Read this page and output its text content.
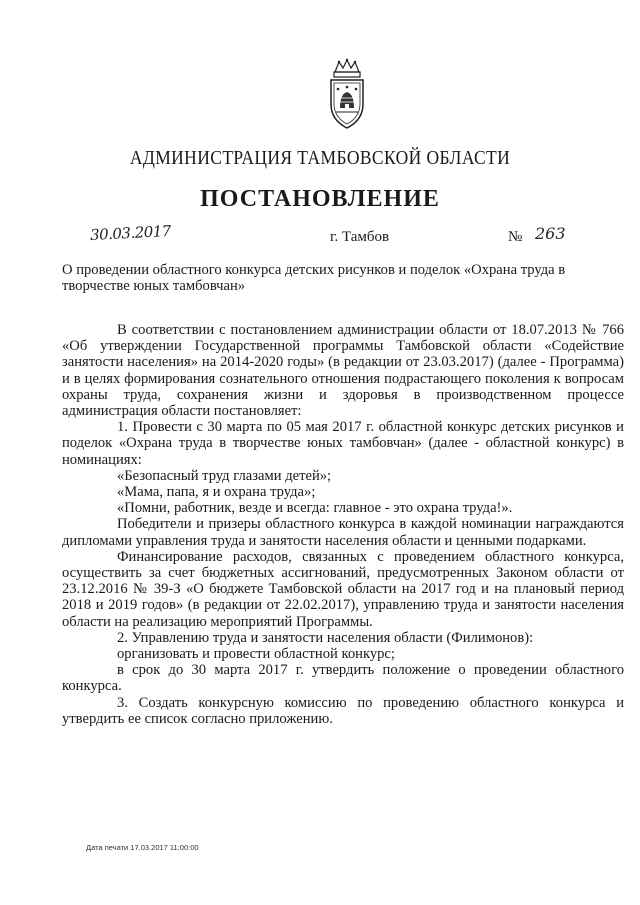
АДМИНИСТРАЦИЯ ТАМБОВСКОЙ ОБЛАСТИ
ПОСТАНОВЛЕНИЕ
30.03.2017	г. Тамбов	№ 263
О проведении областного конкурса детских рисунков и поделок «Охрана труда в творчестве юных тамбовчан»

В соответствии с постановлением администрации области от 18.07.2013 № 766 «Об утверждении Государственной программы Тамбовской области «Содействие занятости населения» на 2014-2020 годы» (в редакции от 23.03.2017) (далее - Программа) и в целях формирования сознательного отношения подрастающего поколения к вопросам охраны труда, сохранения жизни и здоровья в производственном процессе администрация области постановляет:

1. Провести с 30 марта по 05 мая 2017 г. областной конкурс детских рисунков и поделок «Охрана труда в творчестве юных тамбовчан» (далее - областной конкурс) в номинациях:

«Безопасный труд глазами детей»;

«Мама, папа, я и охрана труда»;

«Помни, работник, везде и всегда: главное - это охрана труда!».

Победители и призеры областного конкурса в каждой номинации награждаются дипломами управления труда и занятости населения области и ценными подарками.

Финансирование расходов, связанных с проведением областного конкурса, осуществить за счет бюджетных ассигнований, предусмотренных Законом области от 23.12.2016 № 39-З «О бюджете Тамбовской области на 2017 год и на плановый период 2018 и 2019 годов» (в редакции от 22.02.2017), управлению труда и занятости населения области на реализацию мероприятий Программы.

2. Управлению труда и занятости населения области (Филимонов):

организовать и провести областной конкурс;

в срок до 30 марта 2017 г. утвердить положение о проведении областного конкурса.

3. Создать конкурсную комиссию по проведению областного конкурса и утвердить ее список согласно приложению.

Дата печати 17.03.2017 11:00:00
